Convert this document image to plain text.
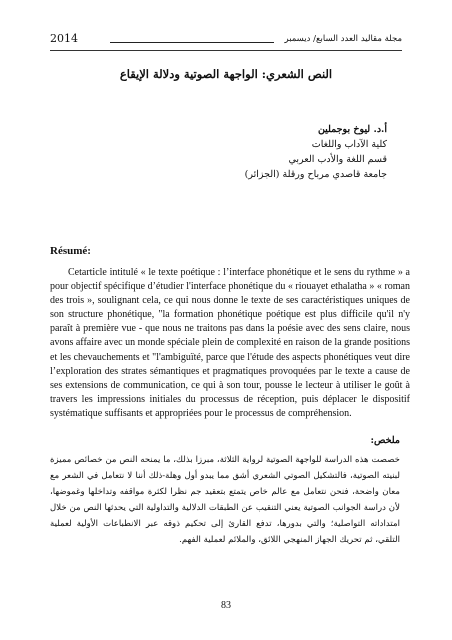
مجلة مقاليد
2014	العدد السابع/ ديسمبر
النص الشعري: الواجهة الصوتية ودلالة الإيقاع
أ.د. ليوخ بوجملين
كلية الآداب واللغات
قسم اللغة والأدب العربي
جامعة قاصدي مرباح ورقلة (الجزائر)
Résumé:
Cetarticle intitulé « le texte poétique : l’interface phonétique et le sens du rythme » a pour objectif spécifique d’étudier l'interface phonétique du « riouayet ethalatha » « roman des trois », soulignant cela, ce qui nous donne le texte de ses caractéristiques uniques de son structure phonétique, "la formation phonétique poétique est plus difficile qu'il n'y paraît à première vue - que nous ne traitons pas dans la poésie avec des sens claire, nous avons affaire avec un monde spéciale plein de complexité en raison de la grande positions et les chevauchements et "l'ambiguïté, parce que l'étude des aspects phonétiques veut dire l’exploration des strates sémantiques et pragmatiques provoquées par le texte a cause de ses extensions de communication, ce qui à son tour, pousse le lecteur à utiliser le goût à travers les impressions initiales du processus de réception, puis déplacer le dispositif systématique suffisants et appropriées pour le processus de compréhension.
ملخص:
خصصت هذه الدراسة للواجهة الصوتية لرواية الثلاثة، مبرزا بذلك، ما يمنحه النص من خصائص مميزة لبنيته الصوتية، فالتشكيل الصوتي الشعري أشق مما يبدو أول وهلة-ذلك أننا لا نتعامل في الشعر مع معان واضحة، فنحن نتعامل مع عالم خاص يتمتع بتعقيد جم نظرا لكثرة مواقفه وتداخلها وغموضها، لأن دراسة الجوانب الصوتية يعني التنقيب عن الطبقات الدلالية والتداولية التي يحدثها النص من خلال امتداداته التواصلية؛ والتي بدورها، تدفع القارئ إلى تحكيم ذوقه عبر الانطباعات الأولية لعملية التلقي، ثم تحريك الجهاز المنهجي اللائق، والملائم لعملية الفهم.
83
